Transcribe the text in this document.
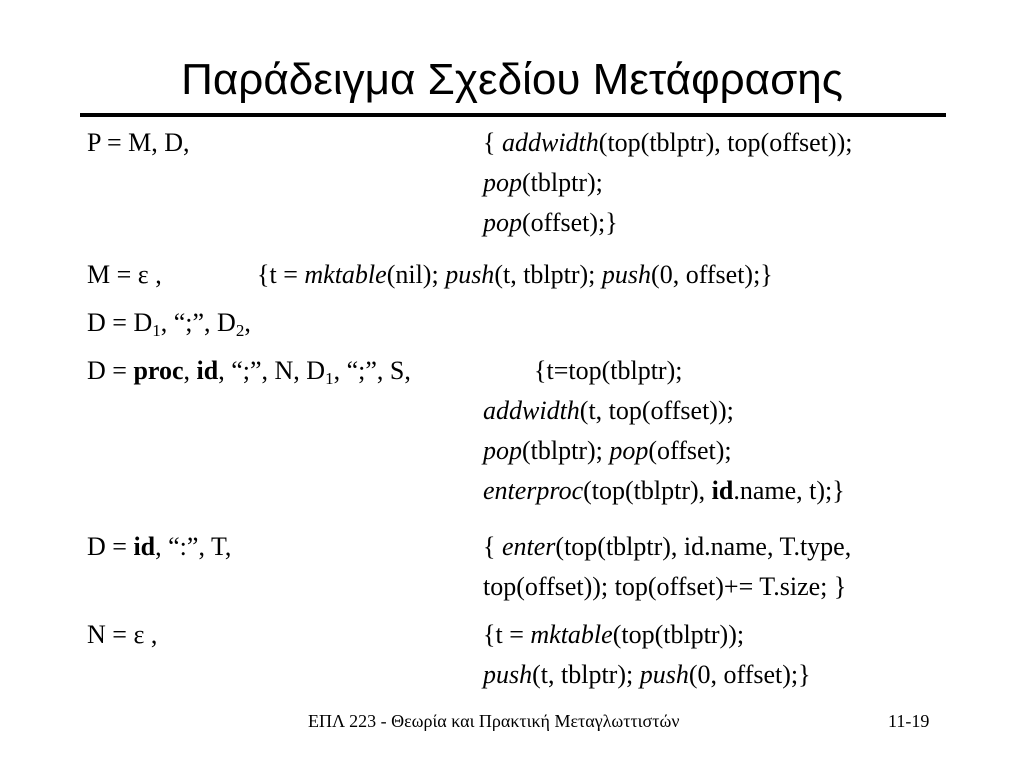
Παράδειγμα Σχεδίου Μετάφρασης
P = M, D,	{ addwidth(top(tblptr), top(offset));
pop(tblptr);
pop(offset);}
M = ε ,	{t = mktable(nil); push(t, tblptr); push(0, offset);}
$D = D_1$, “;”, $D_2$,
D = proc, id, “;”, N, $D_1$, “;”, S,	{t=top(tblptr);
addwidth(t, top(offset));
pop(tblptr); pop(offset);
enterproc(top(tblptr), id.name, t);}
D = id, “:”, T,	{ enter(top(tblptr), id.name, T.type,
top(offset)); top(offset)+= T.size; }
N = ε ,	{t = mktable(top(tblptr));
push(t, tblptr); push(0, offset);}
ΕΠΛ 223 - Θεωρία και Πρακτική Μεταγλωττιστών	11-19
